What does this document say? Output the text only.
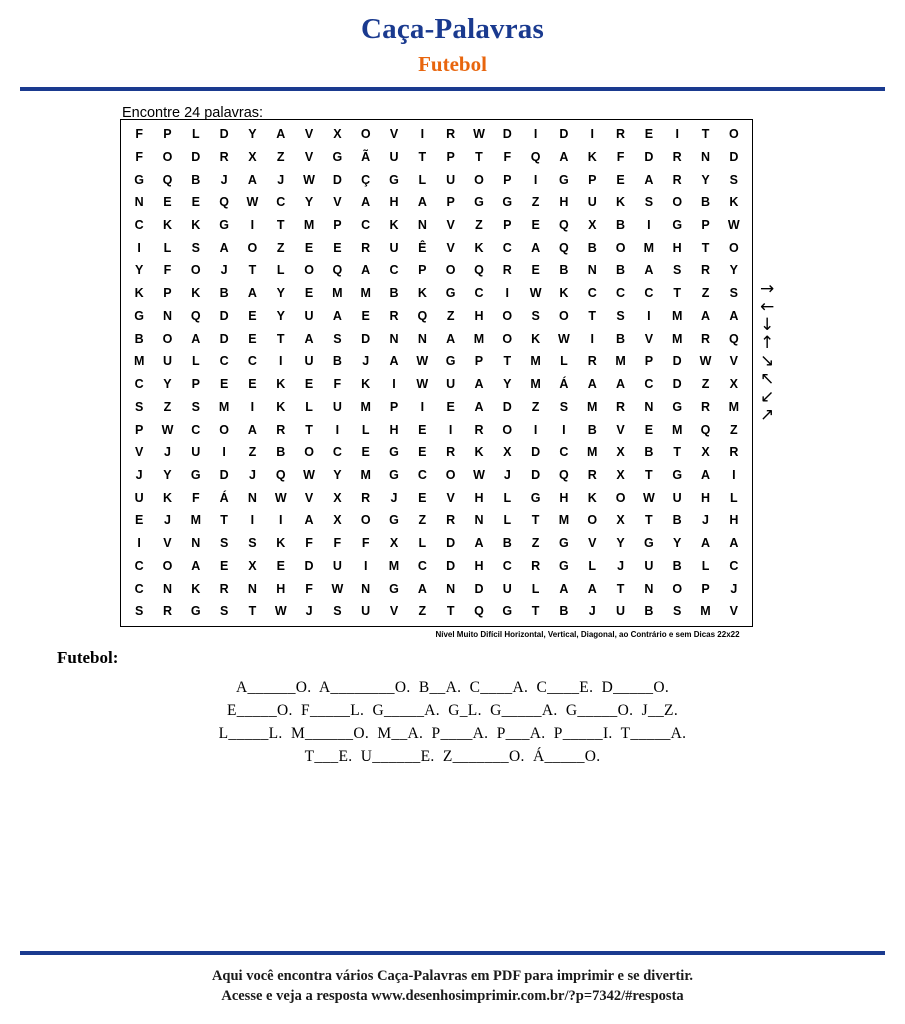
Caça-Palavras
Futebol
Encontre 24 palavras:
F	P	L	D	Y	A	V	X	O	V	I	R	W	D	I	D	I	R	E	I	T	O
F	O	D	R	X	Z	V	G	Ã	U	T	P	T	F	Q	A	K	F	D	R	N	D
G	Q	B	J	A	J	W	D	Ç	G	L	U	O	P	I	G	P	E	A	R	Y	S
N	E	E	Q	W	C	Y	V	A	H	A	P	G	G	Z	H	U	K	S	O	B	K
C	K	K	G	I	T	M	P	C	K	N	V	Z	P	E	Q	X	B	I	G	P	W
I	L	S	A	O	Z	E	E	R	U	Ê	V	K	C	A	Q	B	O	M	H	T	O
Y	F	O	J	T	L	O	Q	A	C	P	O	Q	R	E	B	N	B	A	S	R	Y
K	P	K	B	A	Y	E	M	M	B	K	G	C	I	W	K	C	C	C	T	Z	S
G	N	Q	D	E	Y	U	A	E	R	Q	Z	H	O	S	O	T	S	I	M	A	A
B	O	A	D	E	T	A	S	D	N	N	A	M	O	K	W	I	B	V	M	R	Q
M	U	L	C	C	I	U	B	J	A	W	G	P	T	M	L	R	M	P	D	W	V
C	Y	P	E	E	K	E	F	K	I	W	U	A	Y	M	Á	A	A	C	D	Z	X
S	Z	S	M	I	K	L	U	M	P	I	E	A	D	Z	S	M	R	N	G	R	M
P	W	C	O	A	R	T	I	L	H	E	I	R	O	I	I	B	V	E	M	Q	Z
V	J	U	I	Z	B	O	C	E	G	E	R	K	X	D	C	M	X	B	T	X	R
J	Y	G	D	J	Q	W	Y	M	G	C	O	W	J	D	Q	R	X	T	G	A	I
U	K	F	Á	N	W	V	X	R	J	E	V	H	L	G	H	K	O	W	U	H	L
E	J	M	T	I	I	A	X	O	G	Z	R	N	L	T	M	O	X	T	B	J	H
I	V	N	S	S	K	F	F	F	X	L	D	A	B	Z	G	V	Y	G	Y	A	A
C	O	A	E	X	E	D	U	I	M	C	D	H	C	R	G	L	J	U	B	L	C
C	N	K	R	N	H	F	W	N	G	A	N	D	U	L	A	A	T	N	O	P	J
S	R	G	S	T	W	J	S	U	V	Z	T	Q	G	T	B	J	U	B	S	M	V
Nível Muito Difícil Horizontal, Vertical, Diagonal, ao Contrário e sem Dicas 22x22
→
←
↓
↑
↘
↖
↙
↗
Futebol:
A______O.  A________O.  B__A.  C____A.  C____E.  D_____O.
E_____O.  F_____L.  G_____A.  G_L.  G_____A.  G_____O.  J__Z.
L_____L.  M______O.  M__A.  P____A.  P___A.  P_____I.  T_____A.
T___E.  U______E.  Z_______O.  Á_____O.
Aqui você encontra vários Caça-Palavras em PDF para imprimir e se divertir.
Acesse e veja a resposta www.desenhosimprimir.com.br/?p=7342/#resposta
